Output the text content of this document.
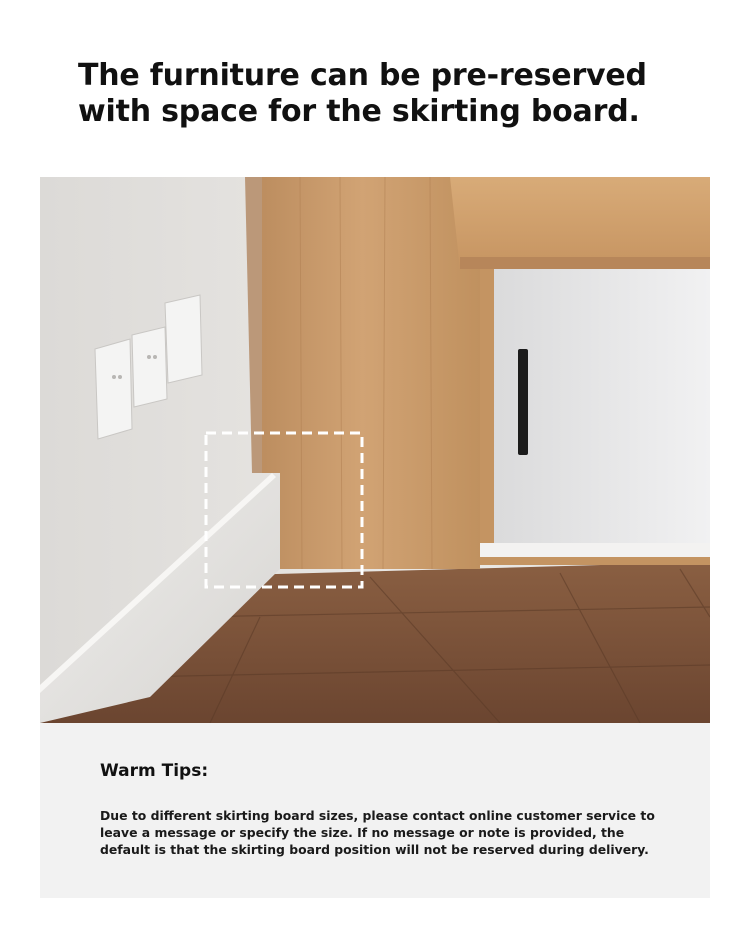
The furniture can be pre-reserved with space for the skirting board.
Warm Tips:

Due to different skirting board sizes, please contact online customer service to leave a message or specify the size. If no message or note is provided, the default is that the skirting board position will not be reserved during delivery.
